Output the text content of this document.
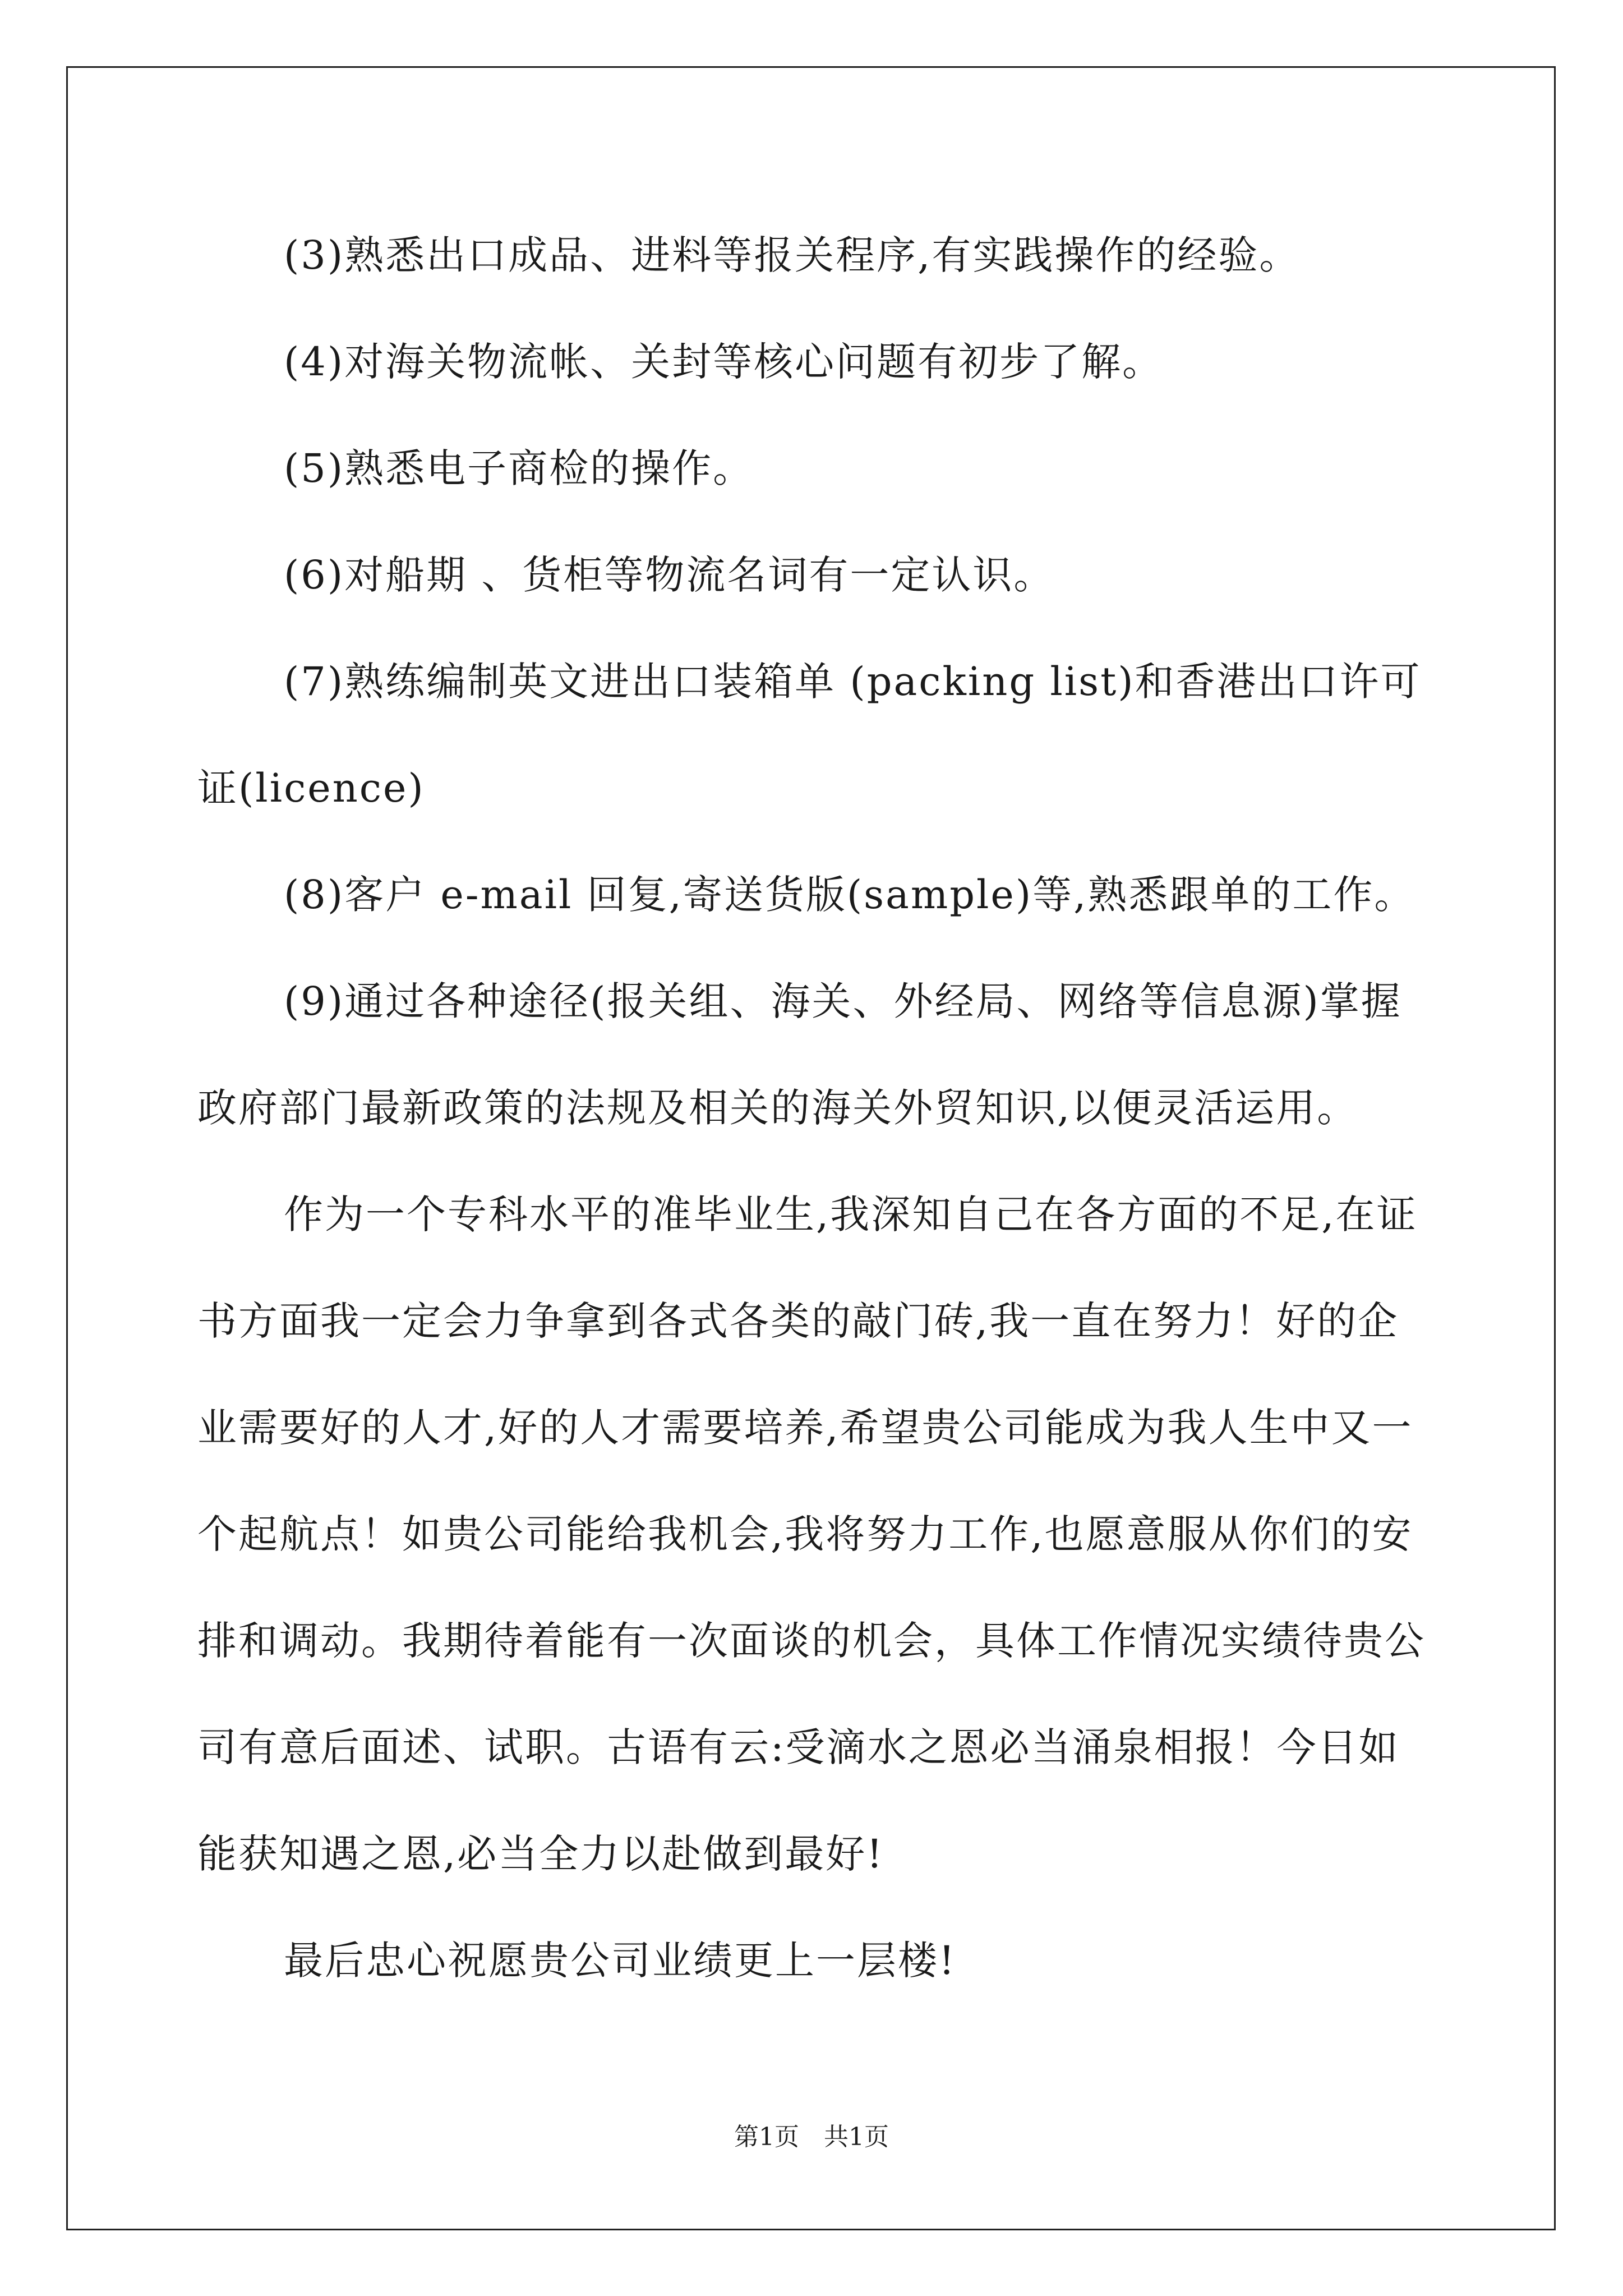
(3)熟悉出口成品、进料等报关程序,有实践操作的经验。

(4)对海关物流帐、关封等核心问题有初步了解。

(5)熟悉电子商检的操作。

(6)对船期 、货柜等物流名词有一定认识。

(7)熟练编制英文进出口装箱单 (packing list)和香港出口许可证(licence)

(8)客户 e-mail 回复,寄送货版(sample)等,熟悉跟单的工作。

(9)通过各种途径(报关组、海关、外经局、网络等信息源)掌握政府部门最新政策的法规及相关的海关外贸知识,以便灵活运用。

作为一个专科水平的准毕业生,我深知自己在各方面的不足,在证书方面我一定会力争拿到各式各类的敲门砖,我一直在努力！好的企业需要好的人才,好的人才需要培养,希望贵公司能成为我人生中又一个起航点！如贵公司能给我机会,我将努力工作,也愿意服从你们的安排和调动。我期待着能有一次面谈的机会，具体工作情况实绩待贵公司有意后面述、试职。古语有云:受滴水之恩必当涌泉相报！今日如能获知遇之恩,必当全力以赴做到最好!

最后忠心祝愿贵公司业绩更上一层楼!

第1页 共1页
